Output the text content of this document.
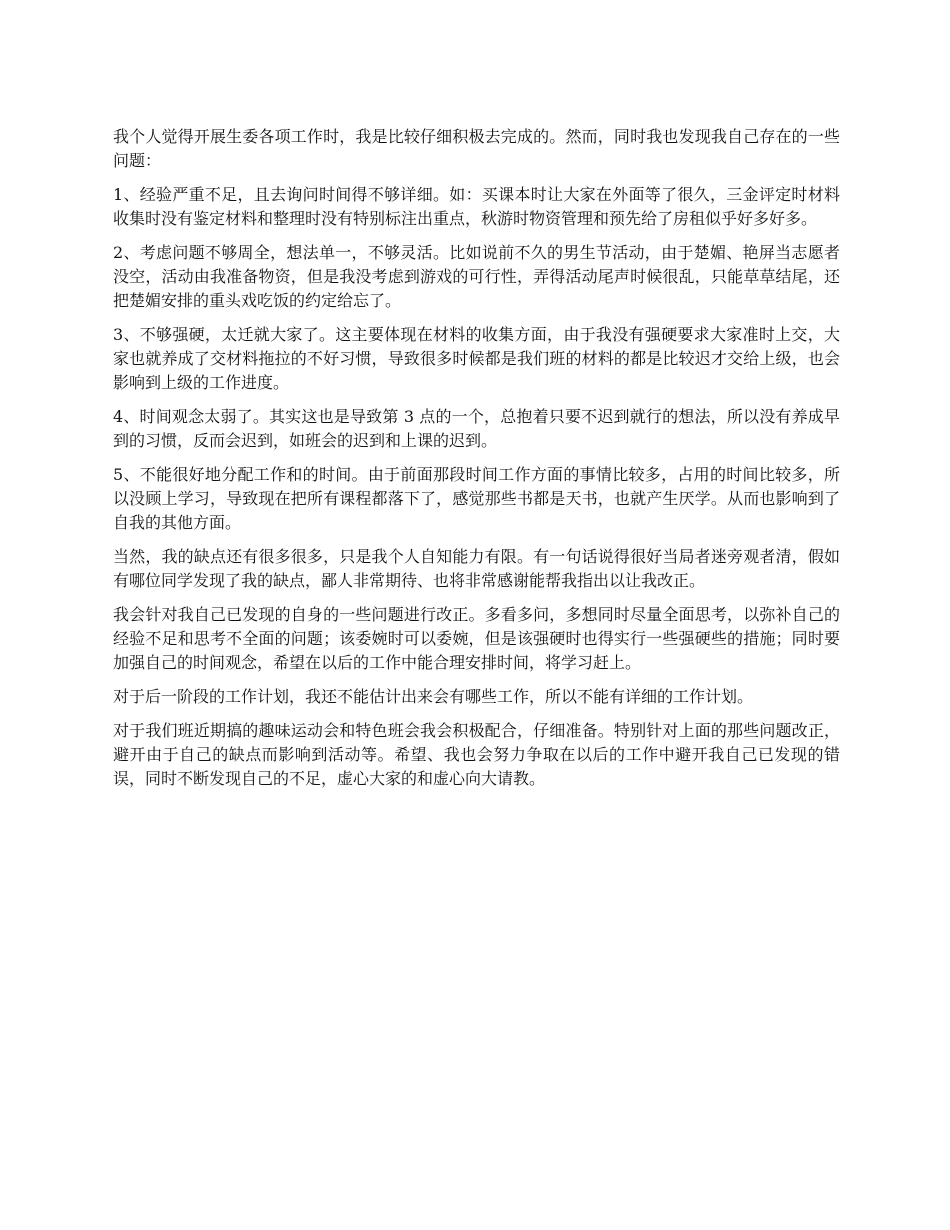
我个人觉得开展生委各项工作时，我是比较仔细积极去完成的。然而，同时我也发现我自己存在的一些问题：

1、经验严重不足，且去询问时间得不够详细。如：买课本时让大家在外面等了很久，三金评定时材料收集时没有鉴定材料和整理时没有特别标注出重点，秋游时物资管理和预先给了房租似乎好多好多。

2、考虑问题不够周全，想法单一，不够灵活。比如说前不久的男生节活动，由于楚媚、艳屏当志愿者没空，活动由我准备物资，但是我没考虑到游戏的可行性，弄得活动尾声时候很乱，只能草草结尾，还把楚媚安排的重头戏吃饭的约定给忘了。

3、不够强硬，太迁就大家了。这主要体现在材料的收集方面，由于我没有强硬要求大家准时上交，大家也就养成了交材料拖拉的不好习惯，导致很多时候都是我们班的材料的都是比较迟才交给上级，也会影响到上级的工作进度。

4、时间观念太弱了。其实这也是导致第 3 点的一个，总抱着只要不迟到就行的想法，所以没有养成早到的习惯，反而会迟到，如班会的迟到和上课的迟到。

5、不能很好地分配工作和的时间。由于前面那段时间工作方面的事情比较多，占用的时间比较多，所以没顾上学习，导致现在把所有课程都落下了，感觉那些书都是天书，也就产生厌学。从而也影响到了自我的其他方面。

当然，我的缺点还有很多很多，只是我个人自知能力有限。有一句话说得很好当局者迷旁观者清，假如有哪位同学发现了我的缺点，鄙人非常期待、也将非常感谢能帮我指出以让我改正。

我会针对我自己已发现的自身的一些问题进行改正。多看多问，多想同时尽量全面思考，以弥补自己的经验不足和思考不全面的问题；该委婉时可以委婉，但是该强硬时也得实行一些强硬些的措施；同时要加强自己的时间观念，希望在以后的工作中能合理安排时间，将学习赶上。

对于后一阶段的工作计划，我还不能估计出来会有哪些工作，所以不能有详细的工作计划。

对于我们班近期搞的趣味运动会和特色班会我会积极配合，仔细准备。特别针对上面的那些问题改正，避开由于自己的缺点而影响到活动等。希望、我也会努力争取在以后的工作中避开我自己已发现的错误，同时不断发现自己的不足，虚心大家的和虚心向大请教。
